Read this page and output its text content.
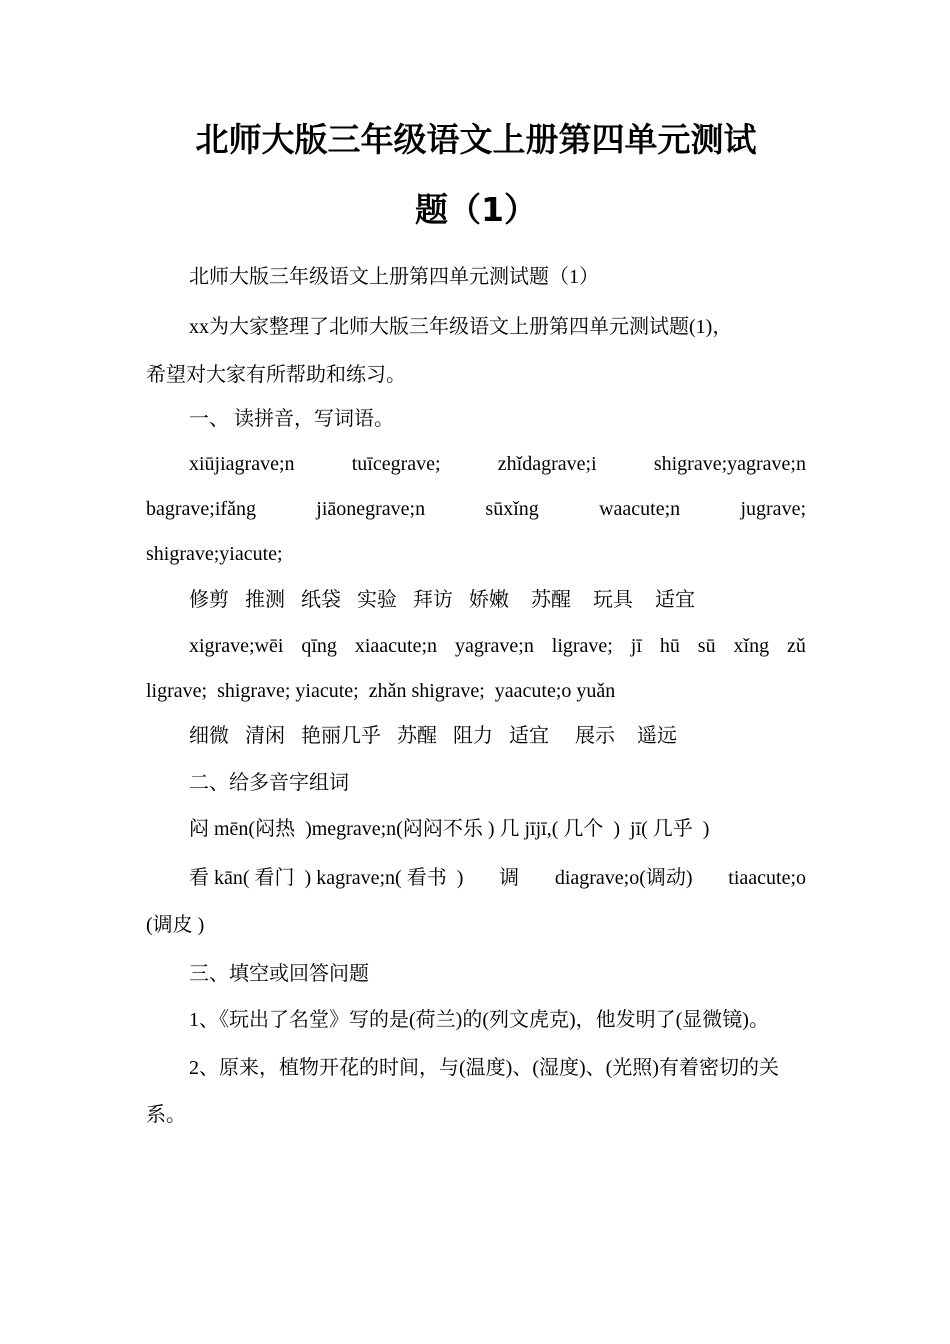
北师大版三年级语文上册第四单元测试
题（1）
北师大版三年级语文上册第四单元测试题（1）
xx为大家整理了北师大版三年级语文上册第四单元测试题(1)，
希望对大家有所帮助和练习。
一、 读拼音，写词语。
xiūjiagrave;n	tuīcegrave;	zhǐdagrave;i	shigrave;yagrave;n
bagrave;ifǎng	jiāonegrave;n	sūxǐng	waacute;n	jugrave;
shigrave;yiacute;
修剪 推测 纸袋 实验 拜访 娇嫩 苏醒 玩具 适宜
xigrave;wēi qīng xiaacute;n yagrave;n ligrave; jī hū sū xǐng zǔ
ligrave;  shigrave; yiacute;  zhǎn shigrave;  yaacute;o yuǎn
细微 清闲 艳丽几乎 苏醒 阻力 适宜 展示 遥远
二、给多音字组词
闷 mēn(闷热  )megrave;n(闷闷不乐 ) 几 jījī,( 几个  )  jī( 几乎  )
看 kān( 看门  ) kagrave;n( 看书  ) 调 diagrave;o(调动) tiaacute;o
(调皮 )
三、填空或回答问题
1、《玩出了名堂》写的是(荷兰)的(列文虎克)，他发明了(显微镜)。
2、原来，植物开花的时间，与(温度)、(湿度)、(光照)有着密切的关
系。
